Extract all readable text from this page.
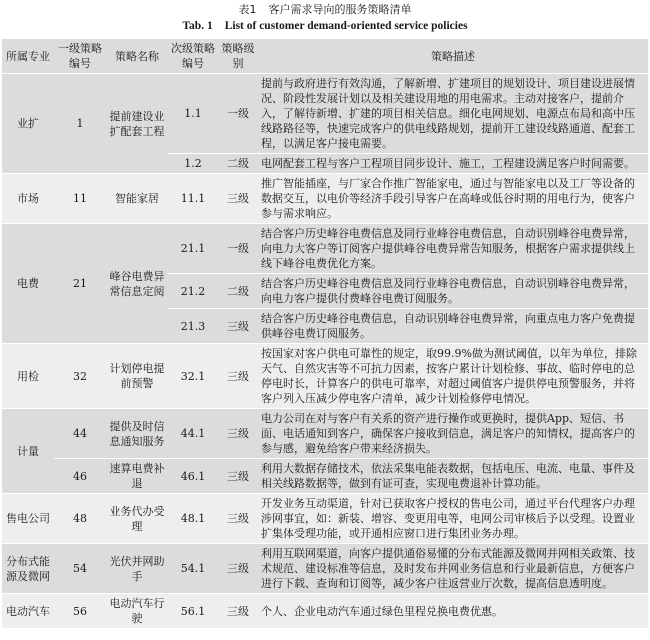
表1 客户需求导向的服务策略清单
Tab. 1 List of customer demand-oriented service policies
所属专业	一级策略编号	策略名称	次级策略编号	策略级别	策略描述
业扩	1	提前建设业扩配套工程	1.1	一级	提前与政府进行有效沟通，了解新增、扩建项目的规划设计、项目建设进展情况、阶段性发展计划以及相关建设用地的用电需求。主动对接客户，提前介入，了解待新增、扩建的项目相关信息。细化电网规划、电源点布局和高中压线路路径等，快速完成客户的供电线路规划，提前开工建设线路通道、配套工程，以满足客户接电需要。
			1.2	二级	电网配套工程与客户工程项目同步设计、施工，工程建设满足客户时间需要。
市场	11	智能家居	11.1	三级	推广智能插座，与厂家合作推广智能家电，通过与智能家电以及工厂等设备的数据交互，以电价等经济手段引导客户在高峰或低谷时期的用电行为，使客户参与需求响应。
电费	21	峰谷电费异常信息定阅	21.1	一级	结合客户历史峰谷电费信息及同行业峰谷电费信息，自动识别峰谷电费异常，向电力大客户等订阅客户提供峰谷电费异常告知服务，根据客户需求提供线上线下峰谷电费优化方案。
			21.2	二级	结合客户历史峰谷电费信息及同行业峰谷电费信息，自动识别峰谷电费异常，向电力客户提供付费峰谷电费订阅服务。
			21.3	三级	结合客户历史峰谷电费信息，自动识别峰谷电费异常，向重点电力客户免费提供峰谷电费订阅服务。
用检	32	计划停电提前预警	32.1	三级	按国家对客户供电可靠性的规定，取99.9%做为测试阈值，以年为单位，排除天气、自然灾害等不可抗力因素，按客户累计计划检修、事故、临时停电的总停电时长，计算客户的供电可靠率，对超过阈值客户提供停电预警服务，并将客户列入压减少停电客户清单，减少计划检修停电情况。
计量	44	提供及时信息通知服务	44.1	三级	电力公司在对与客户有关系的资产进行操作或更换时，提供App、短信、书面、电话通知到客户，确保客户接收到信息，满足客户的知情权，提高客户的参与感，避免给客户带来经济损失。
	46	速算电费补退	46.1	三级	利用大数据存储技术，依法采集电能表数据，包括电压、电流、电量、事件及相关线路数据等，做到有证可查，实现电费退补计算功能。
售电公司	48	业务代办受理	48.1	三级	开发业务互动渠道，针对已获取客户授权的售电公司，通过平台代理客户办理涉网事宜，如：新装、增容、变更用电等，电网公司审核后予以受理。设置业扩集体受理功能，或开通相应窗口进行集团业务办理。
分布式能源及微网	54	光伏并网助手	54.1	三级	利用互联网渠道，向客户提供通俗易懂的分布式能源及微网并网相关政策、技术规范、建设标准等信息，及时发布并网业务信息和行业最新信息，方便客户进行下载、查询和订阅等，减少客户往返营业厅次数，提高信息透明度。
电动汽车	56	电动汽车行驶	56.1	三级	个人、企业电动汽车通过绿色里程兑换电费优惠。
